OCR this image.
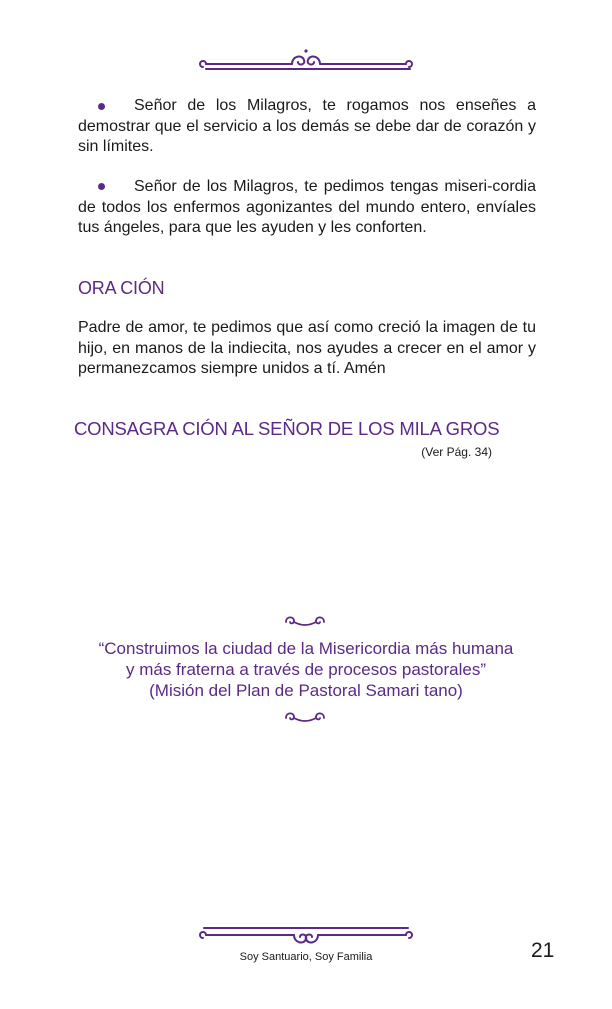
Señor de los Milagros, te rogamos nos enseñes a demostrar que el servicio a los demás se debe dar de corazón y sin límites.

Señor de los Milagros, te pedimos tengas miseri-cordia de todos los enfermos agonizantes del mundo entero, envíales tus ángeles, para que les ayuden y les conforten.

ORA CIÓN

Padre de amor, te pedimos que así como creció la imagen de tu hijo, en manos de la indiecita, nos ayudes a crecer en el amor y permanezcamos siempre unidos a tí. Amén

CONSAGRA CIÓN AL SEÑOR DE LOS MILA GROS
(Ver Pág. 34)

“Construimos la ciudad de la Misericordia más humana

y más fraterna a través de procesos pastorales”

(Misión del Plan de Pastoral Samari tano)

Soy Santuario, Soy Familia	21
